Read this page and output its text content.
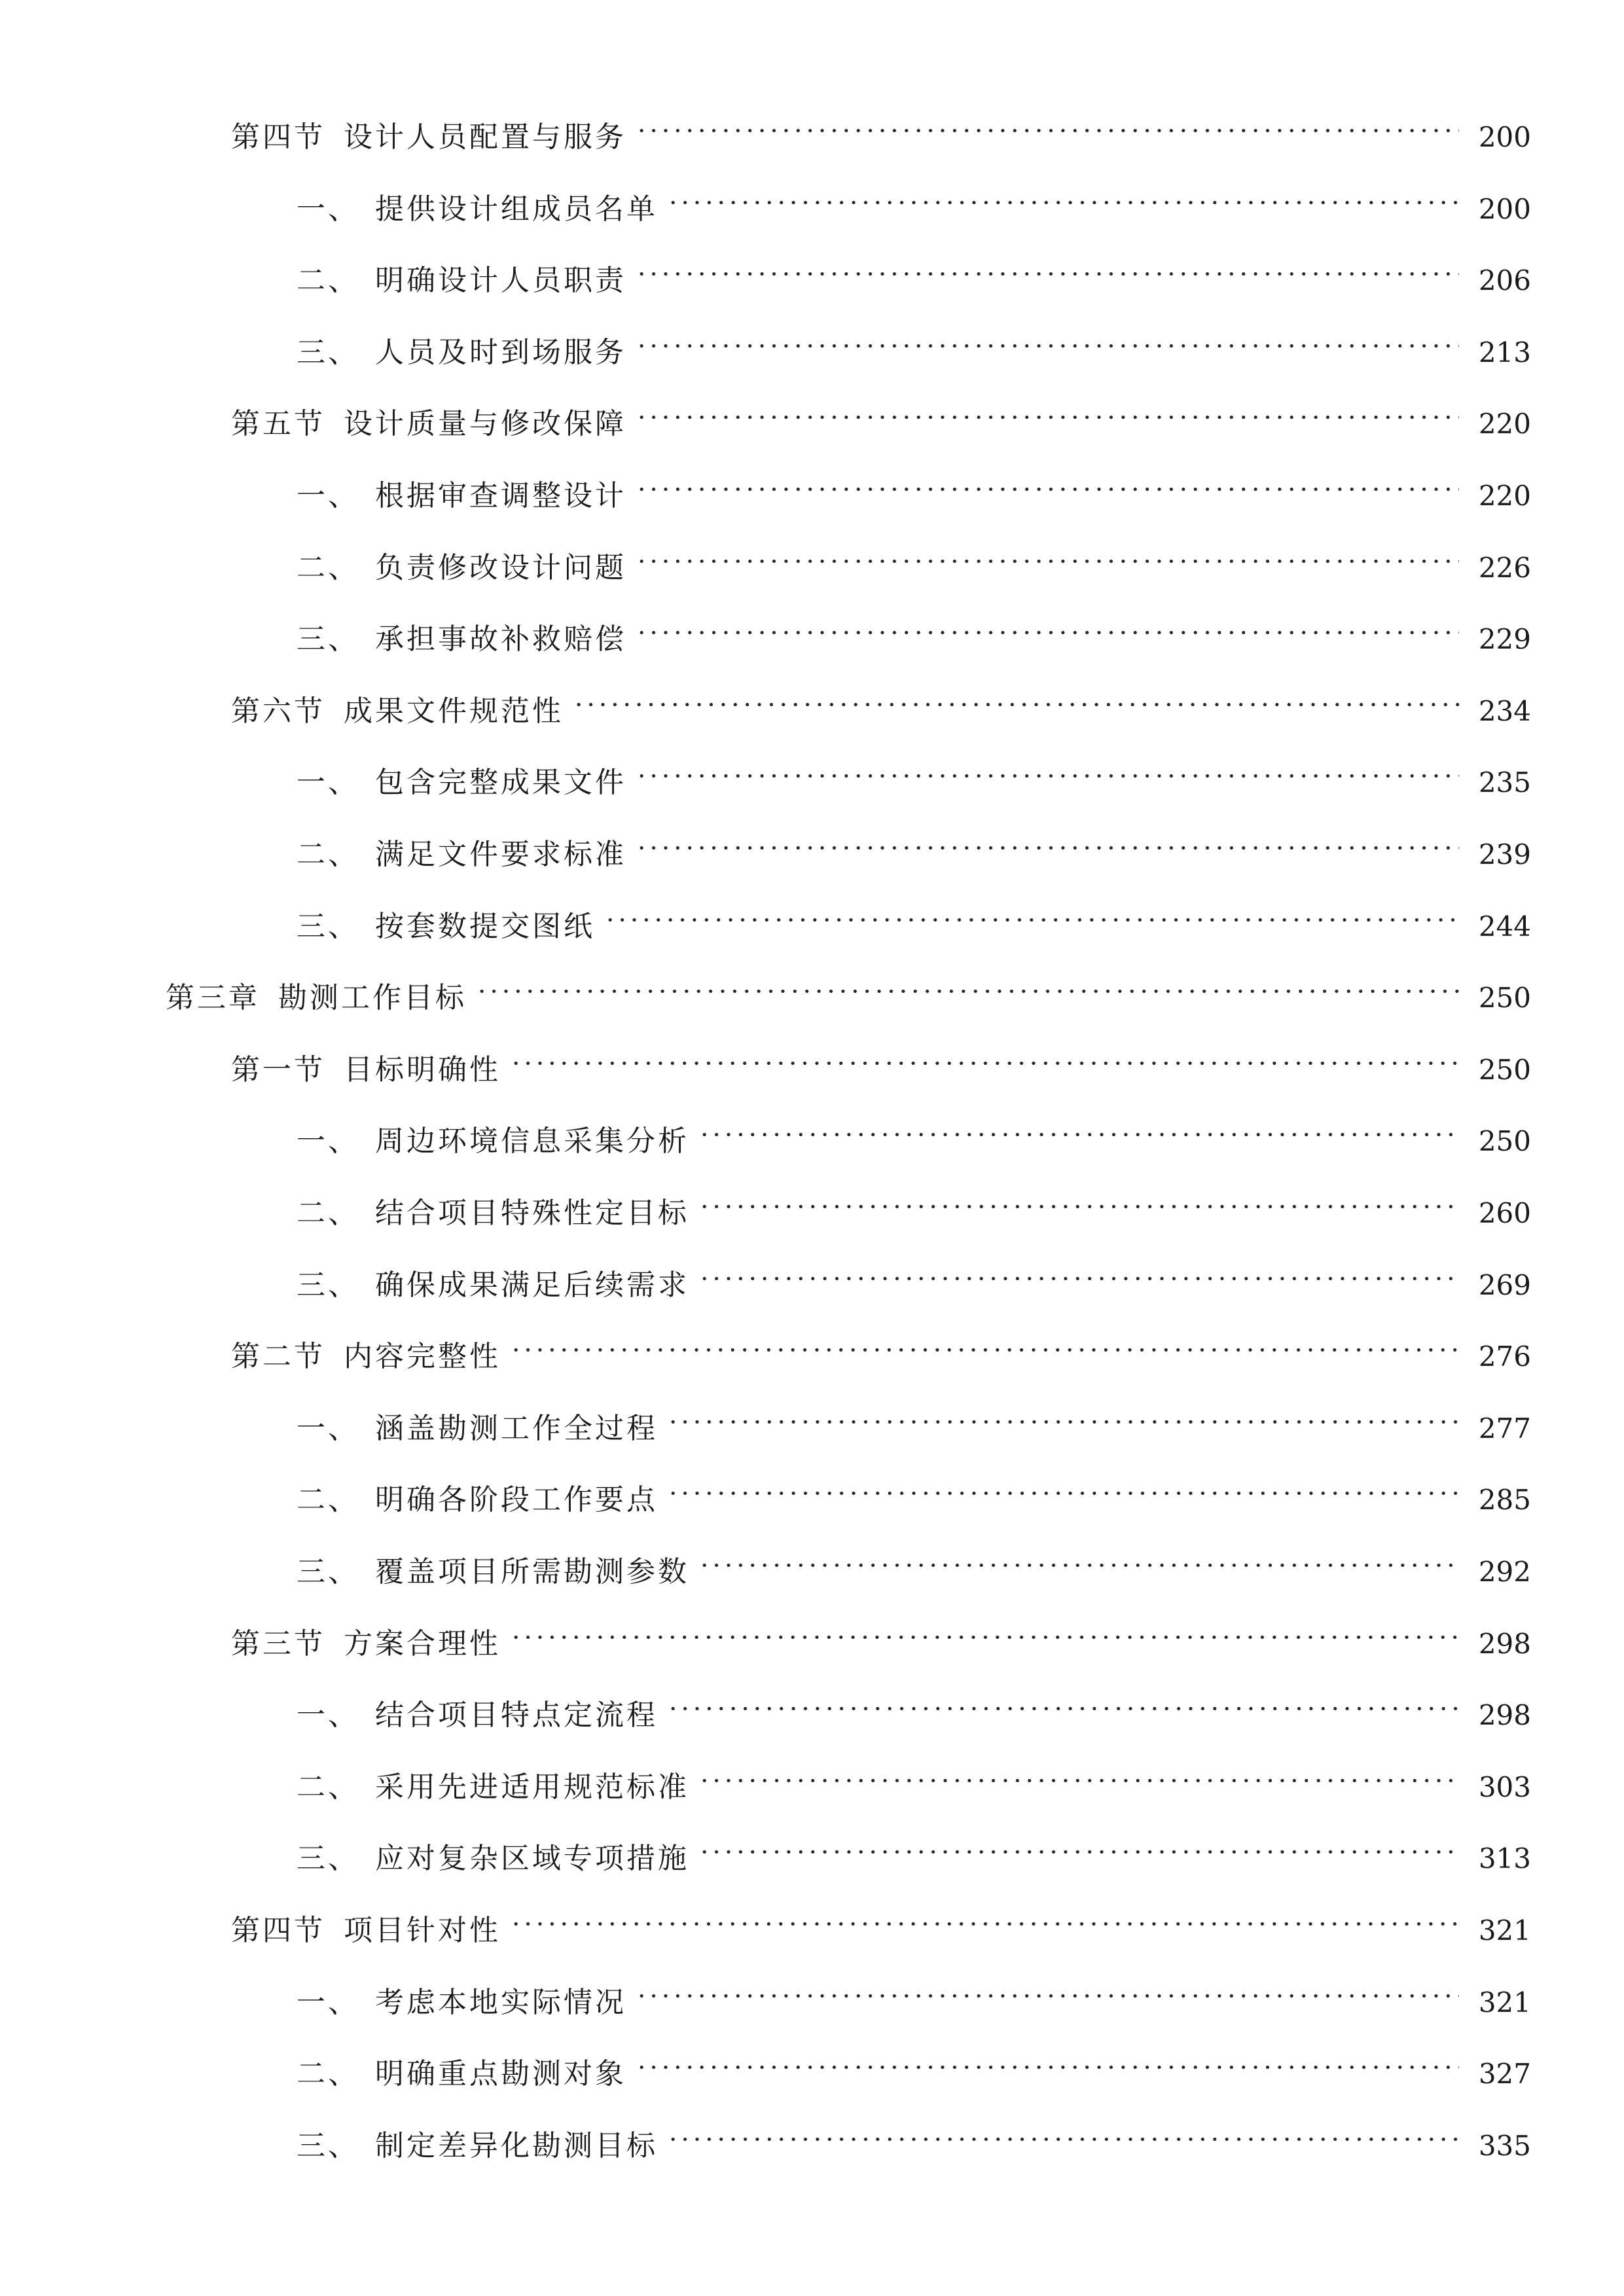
第四节 设计人员配置与服务	200
一、 提供设计组成员名单	200
二、 明确设计人员职责	206
三、 人员及时到场服务	213
第五节 设计质量与修改保障	220
一、 根据审查调整设计	220
二、 负责修改设计问题	226
三、 承担事故补救赔偿	229
第六节 成果文件规范性	234
一、 包含完整成果文件	235
二、 满足文件要求标准	239
三、 按套数提交图纸	244
第三章 勘测工作目标	250
第一节 目标明确性	250
一、 周边环境信息采集分析	250
二、 结合项目特殊性定目标	260
三、 确保成果满足后续需求	269
第二节 内容完整性	276
一、 涵盖勘测工作全过程	277
二、 明确各阶段工作要点	285
三、 覆盖项目所需勘测参数	292
第三节 方案合理性	298
一、 结合项目特点定流程	298
二、 采用先进适用规范标准	303
三、 应对复杂区域专项措施	313
第四节 项目针对性	321
一、 考虑本地实际情况	321
二、 明确重点勘测对象	327
三、 制定差异化勘测目标	335
